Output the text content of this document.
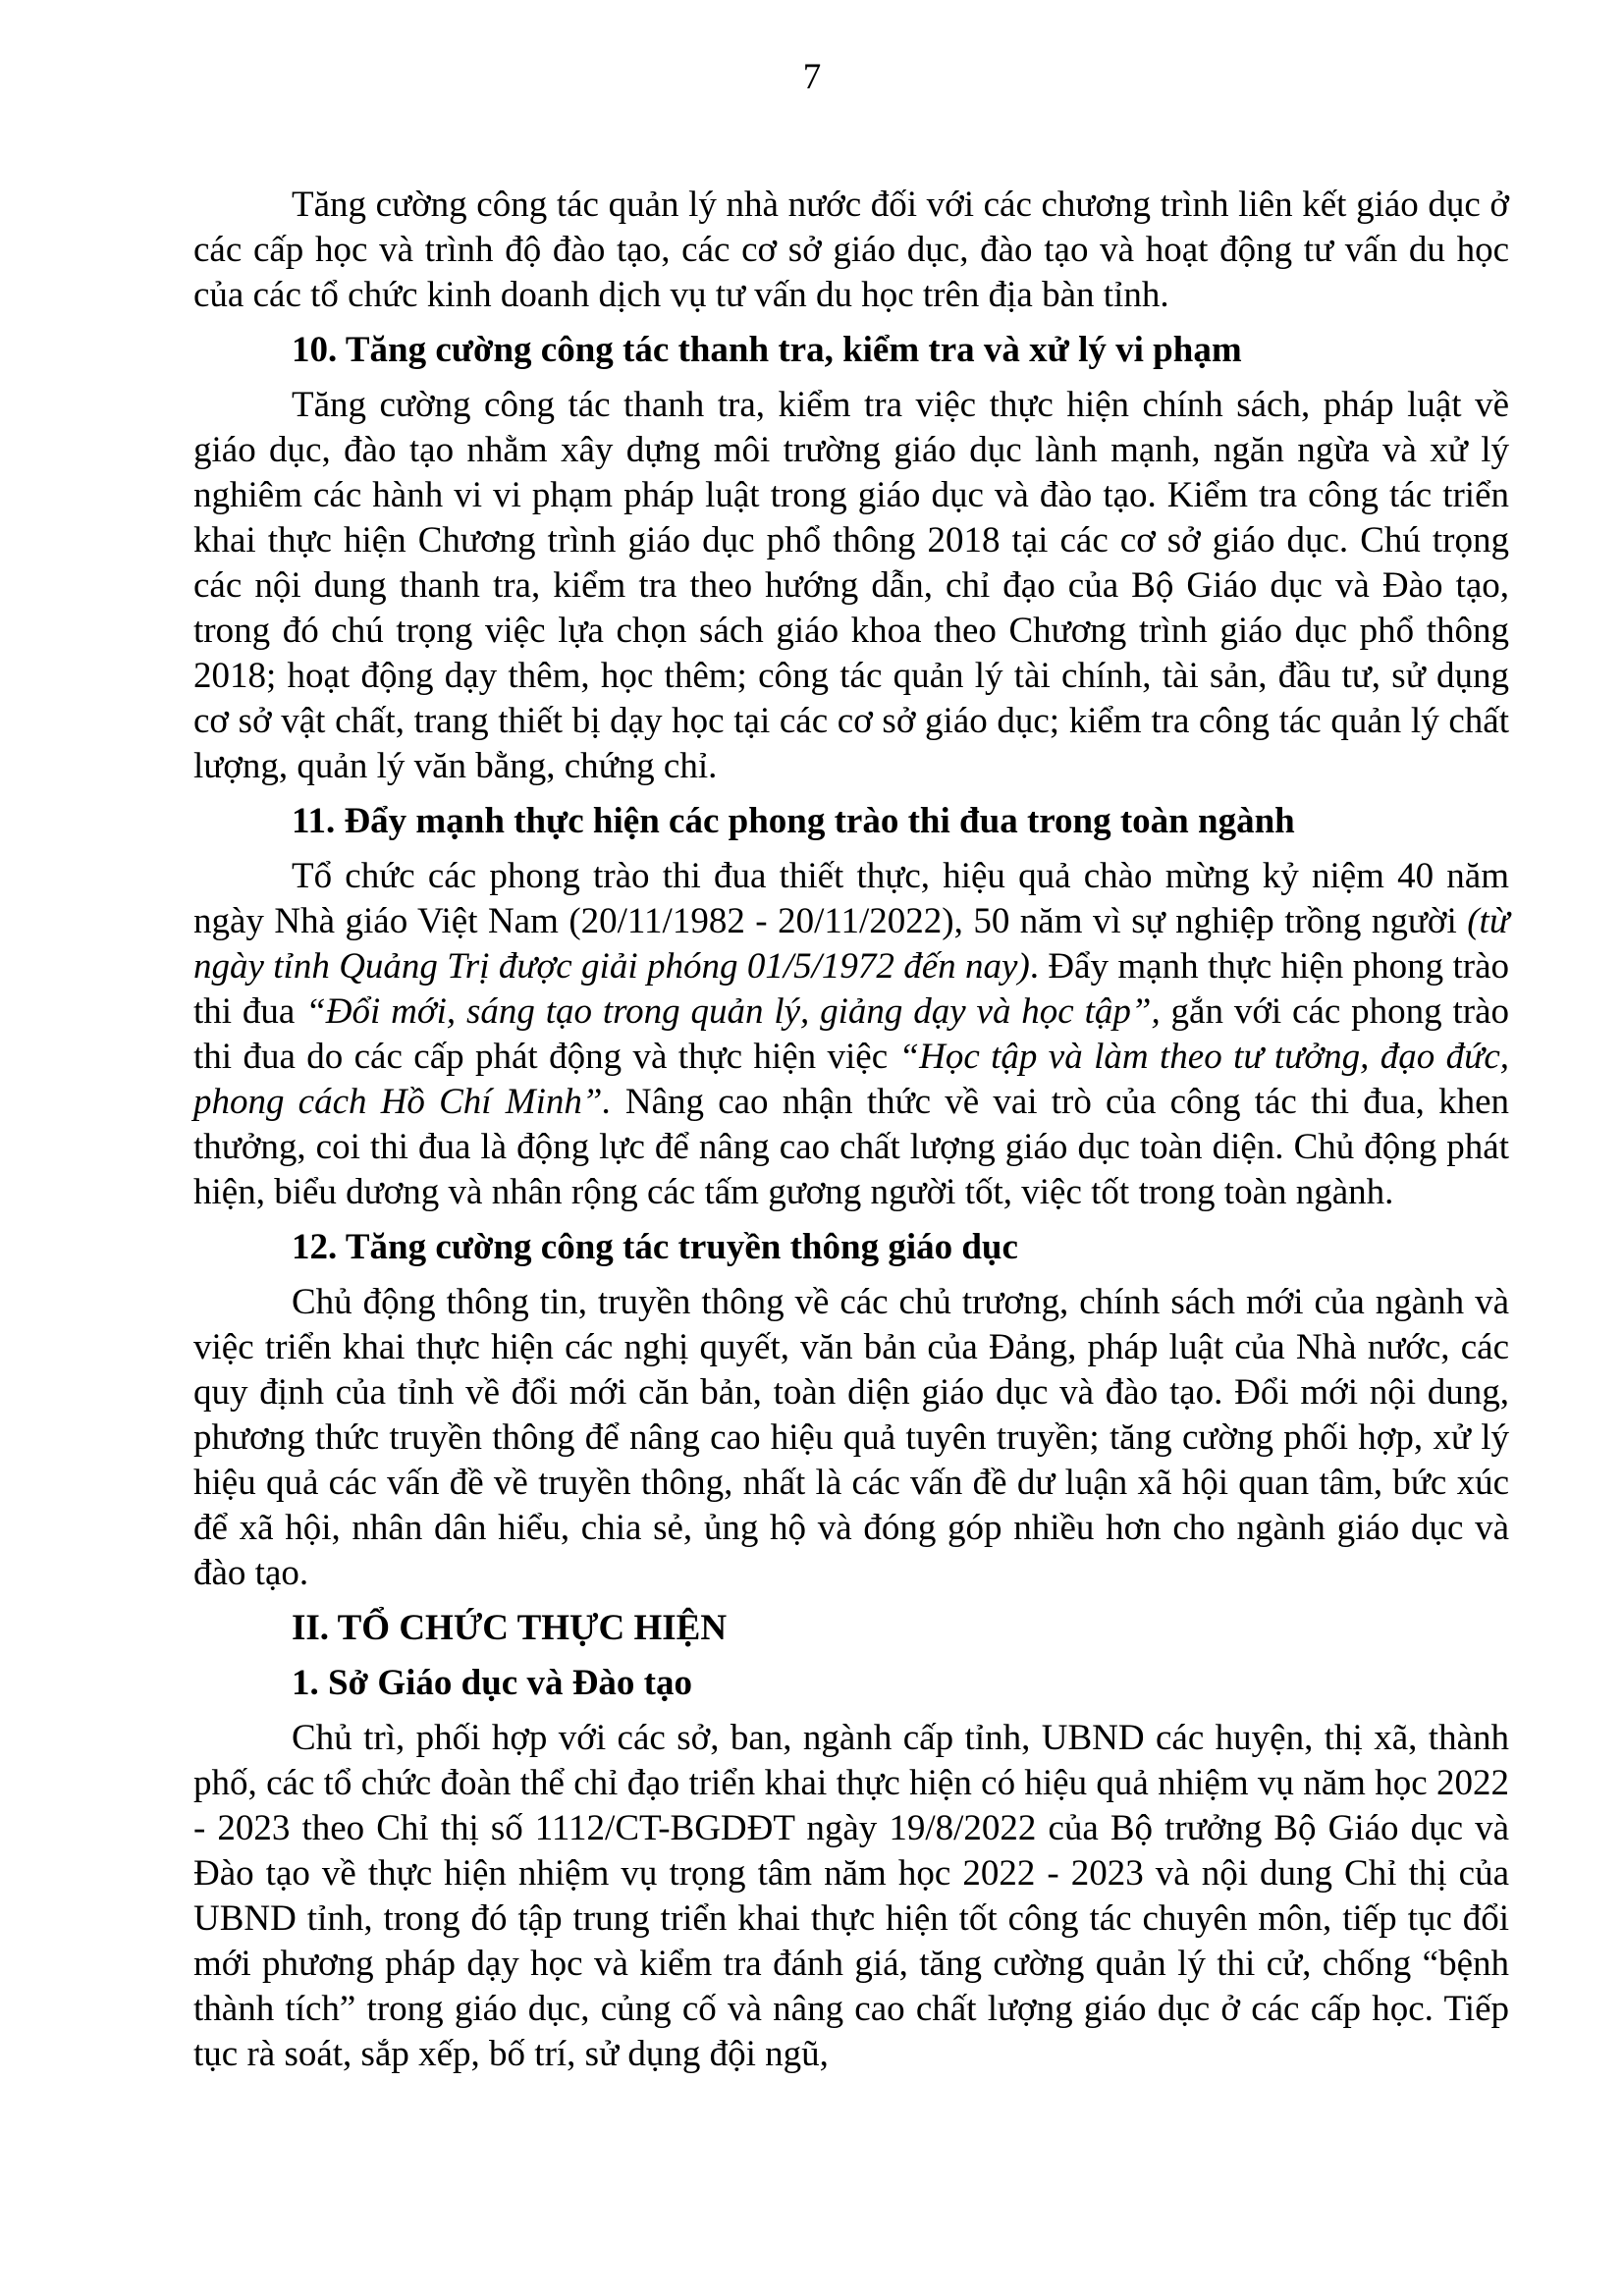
7

Tăng cường công tác quản lý nhà nước đối với các chương trình liên kết giáo dục ở các cấp học và trình độ đào tạo, các cơ sở giáo dục, đào tạo và hoạt động tư vấn du học của các tổ chức kinh doanh dịch vụ tư vấn du học trên địa bàn tỉnh.

10. Tăng cường công tác thanh tra, kiểm tra và xử lý vi phạm

Tăng cường công tác thanh tra, kiểm tra việc thực hiện chính sách, pháp luật về giáo dục, đào tạo nhằm xây dựng môi trường giáo dục lành mạnh, ngăn ngừa và xử lý nghiêm các hành vi vi phạm pháp luật trong giáo dục và đào tạo. Kiểm tra công tác triển khai thực hiện Chương trình giáo dục phổ thông 2018 tại các cơ sở giáo dục. Chú trọng các nội dung thanh tra, kiểm tra theo hướng dẫn, chỉ đạo của Bộ Giáo dục và Đào tạo, trong đó chú trọng việc lựa chọn sách giáo khoa theo Chương trình giáo dục phổ thông 2018; hoạt động dạy thêm, học thêm; công tác quản lý tài chính, tài sản, đầu tư, sử dụng cơ sở vật chất, trang thiết bị dạy học tại các cơ sở giáo dục; kiểm tra công tác quản lý chất lượng, quản lý văn bằng, chứng chỉ.

11. Đẩy mạnh thực hiện các phong trào thi đua trong toàn ngành

Tổ chức các phong trào thi đua thiết thực, hiệu quả chào mừng kỷ niệm 40 năm ngày Nhà giáo Việt Nam (20/11/1982 - 20/11/2022), 50 năm vì sự nghiệp trồng người (từ ngày tỉnh Quảng Trị được giải phóng 01/5/1972 đến nay). Đẩy mạnh thực hiện phong trào thi đua “Đổi mới, sáng tạo trong quản lý, giảng dạy và học tập”, gắn với các phong trào thi đua do các cấp phát động và thực hiện việc “Học tập và làm theo tư tưởng, đạo đức, phong cách Hồ Chí Minh”. Nâng cao nhận thức về vai trò của công tác thi đua, khen thưởng, coi thi đua là động lực để nâng cao chất lượng giáo dục toàn diện. Chủ động phát hiện, biểu dương và nhân rộng các tấm gương người tốt, việc tốt trong toàn ngành.

12. Tăng cường công tác truyền thông giáo dục

Chủ động thông tin, truyền thông về các chủ trương, chính sách mới của ngành và việc triển khai thực hiện các nghị quyết, văn bản của Đảng, pháp luật của Nhà nước, các quy định của tỉnh về đổi mới căn bản, toàn diện giáo dục và đào tạo. Đổi mới nội dung, phương thức truyền thông để nâng cao hiệu quả tuyên truyền; tăng cường phối hợp, xử lý hiệu quả các vấn đề về truyền thông, nhất là các vấn đề dư luận xã hội quan tâm, bức xúc để xã hội, nhân dân hiểu, chia sẻ, ủng hộ và đóng góp nhiều hơn cho ngành giáo dục và đào tạo.

II. TỔ CHỨC THỰC HIỆN

1. Sở Giáo dục và Đào tạo

Chủ trì, phối hợp với các sở, ban, ngành cấp tỉnh, UBND các huyện, thị xã, thành phố, các tổ chức đoàn thể chỉ đạo triển khai thực hiện có hiệu quả nhiệm vụ năm học 2022 - 2023 theo Chỉ thị số 1112/CT-BGDĐT ngày 19/8/2022 của Bộ trưởng Bộ Giáo dục và Đào tạo về thực hiện nhiệm vụ trọng tâm năm học 2022 - 2023 và nội dung Chỉ thị của UBND tỉnh, trong đó tập trung triển khai thực hiện tốt công tác chuyên môn, tiếp tục đổi mới phương pháp dạy học và kiểm tra đánh giá, tăng cường quản lý thi cử, chống “bệnh thành tích” trong giáo dục, củng cố và nâng cao chất lượng giáo dục ở các cấp học. Tiếp tục rà soát, sắp xếp, bố trí, sử dụng đội ngũ,
